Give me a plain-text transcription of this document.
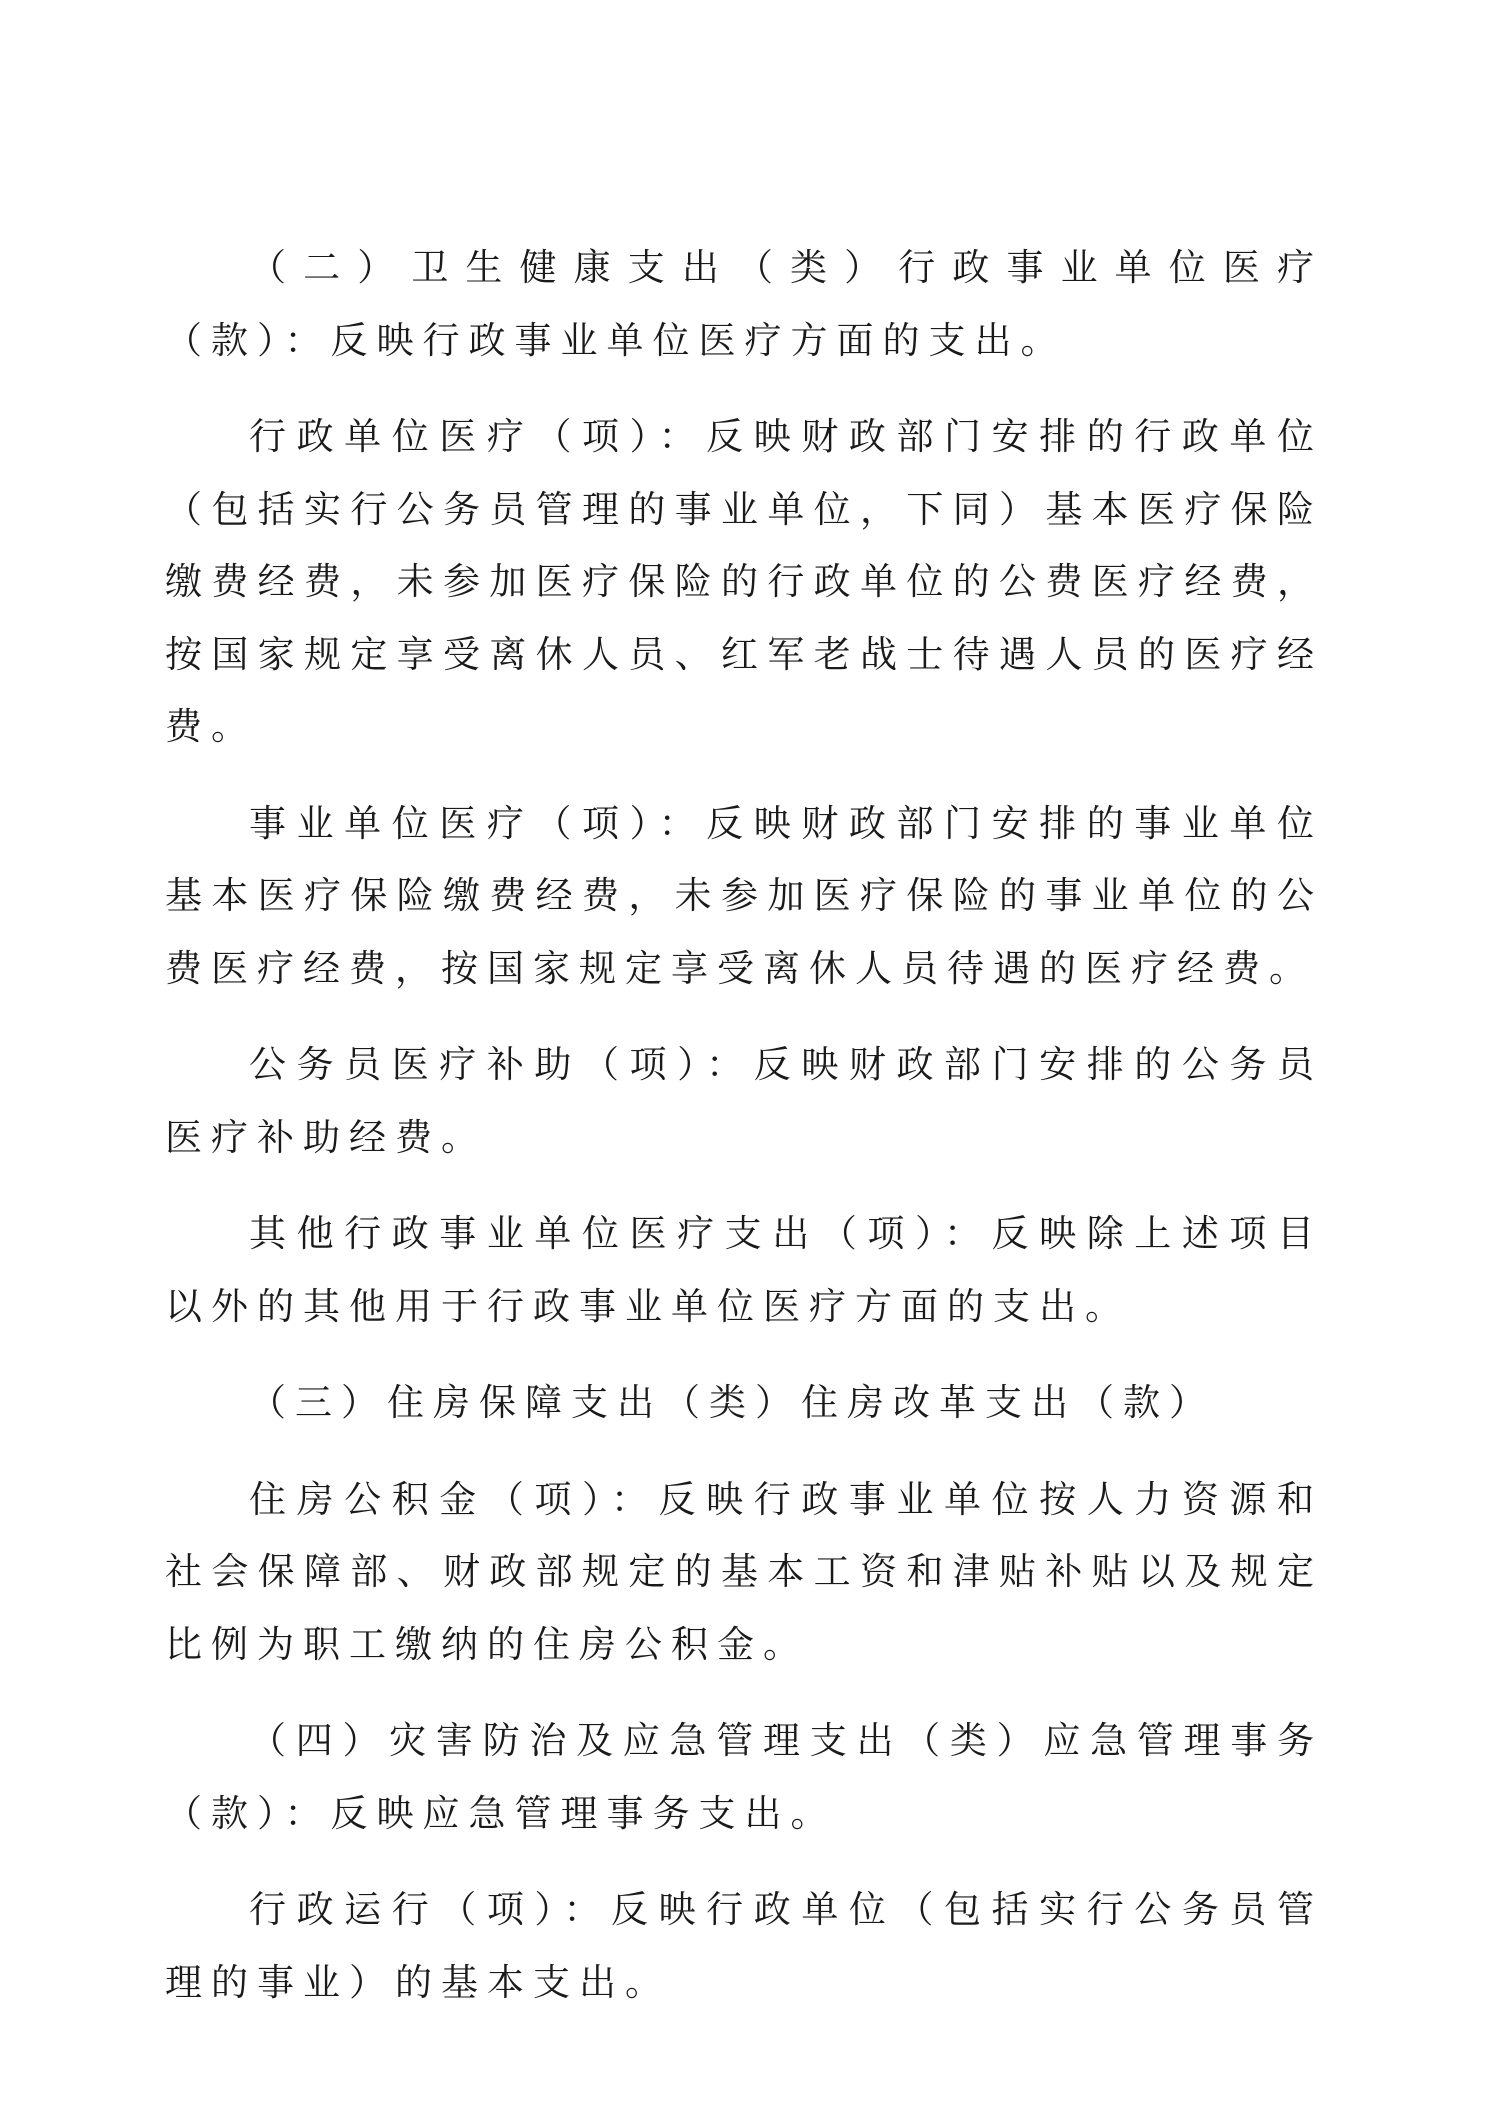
（二）卫生健康支出（类）行政事业单位医疗（款）：反映行政事业单位医疗方面的支出。

行政单位医疗（项）：反映财政部门安排的行政单位（包括实行公务员管理的事业单位，下同）基本医疗保险缴费经费，未参加医疗保险的行政单位的公费医疗经费，按国家规定享受离休人员、红军老战士待遇人员的医疗经费。

事业单位医疗（项）：反映财政部门安排的事业单位基本医疗保险缴费经费，未参加医疗保险的事业单位的公费医疗经费，按国家规定享受离休人员待遇的医疗经费。

公务员医疗补助（项）：反映财政部门安排的公务员医疗补助经费。

其他行政事业单位医疗支出（项）：反映除上述项目以外的其他用于行政事业单位医疗方面的支出。

（三）住房保障支出（类）住房改革支出（款）

住房公积金（项）：反映行政事业单位按人力资源和社会保障部、财政部规定的基本工资和津贴补贴以及规定比例为职工缴纳的住房公积金。

（四）灾害防治及应急管理支出（类）应急管理事务（款）：反映应急管理事务支出。

行政运行（项）：反映行政单位（包括实行公务员管理的事业）的基本支出。
